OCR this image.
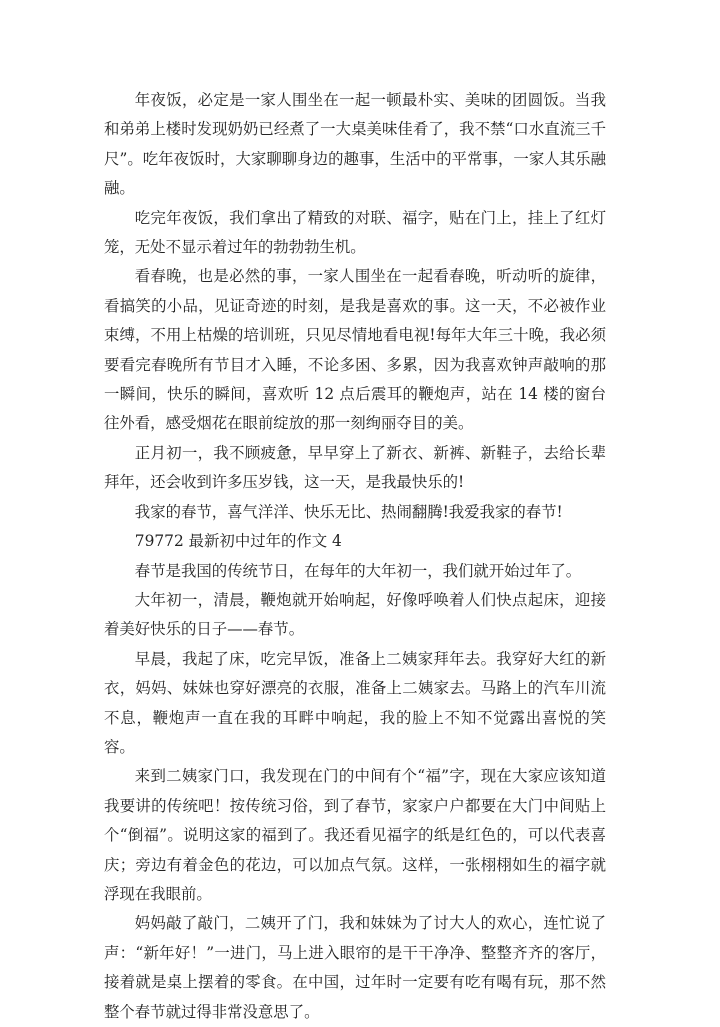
年夜饭，必定是一家人围坐在一起一顿最朴实、美味的团圆饭。当我和弟弟上楼时发现奶奶已经煮了一大桌美味佳肴了，我不禁“口水直流三千尺”。吃年夜饭时，大家聊聊身边的趣事，生活中的平常事，一家人其乐融融。

吃完年夜饭，我们拿出了精致的对联、福字，贴在门上，挂上了红灯笼，无处不显示着过年的勃勃勃生机。

看春晚，也是必然的事，一家人围坐在一起看春晚，听动听的旋律，看搞笑的小品，见证奇迹的时刻，是我是喜欢的事。这一天，不必被作业束缚，不用上枯燥的培训班，只见尽情地看电视!每年大年三十晚，我必须要看完春晚所有节目才入睡，不论多困、多累，因为我喜欢钟声敲响的那一瞬间，快乐的瞬间，喜欢听 12 点后震耳的鞭炮声，站在 14 楼的窗台往外看，感受烟花在眼前绽放的那一刻绚丽夺目的美。

正月初一，我不顾疲惫，早早穿上了新衣、新裤、新鞋子，去给长辈拜年，还会收到许多压岁钱，这一天，是我最快乐的!

我家的春节，喜气洋洋、快乐无比、热闹翻腾!我爱我家的春节!

79772 最新初中过年的作文 4

春节是我国的传统节日，在每年的大年初一，我们就开始过年了。

大年初一，清晨，鞭炮就开始响起，好像呼唤着人们快点起床，迎接着美好快乐的日子——春节。

早晨，我起了床，吃完早饭，准备上二姨家拜年去。我穿好大红的新衣，妈妈、妹妹也穿好漂亮的衣服，准备上二姨家去。马路上的汽车川流不息，鞭炮声一直在我的耳畔中响起，我的脸上不知不觉露出喜悦的笑容。

来到二姨家门口，我发现在门的中间有个“福”字，现在大家应该知道我要讲的传统吧！按传统习俗，到了春节，家家户户都要在大门中间贴上个“倒福”。说明这家的福到了。我还看见福字的纸是红色的，可以代表喜庆；旁边有着金色的花边，可以加点气氛。这样，一张栩栩如生的福字就浮现在我眼前。

妈妈敲了敲门，二姨开了门，我和妹妹为了讨大人的欢心，连忙说了声：“新年好！”一进门，马上进入眼帘的是干干净净、整整齐齐的客厅，接着就是桌上摆着的零食。在中国，过年时一定要有吃有喝有玩，那不然整个春节就过得非常没意思了。
